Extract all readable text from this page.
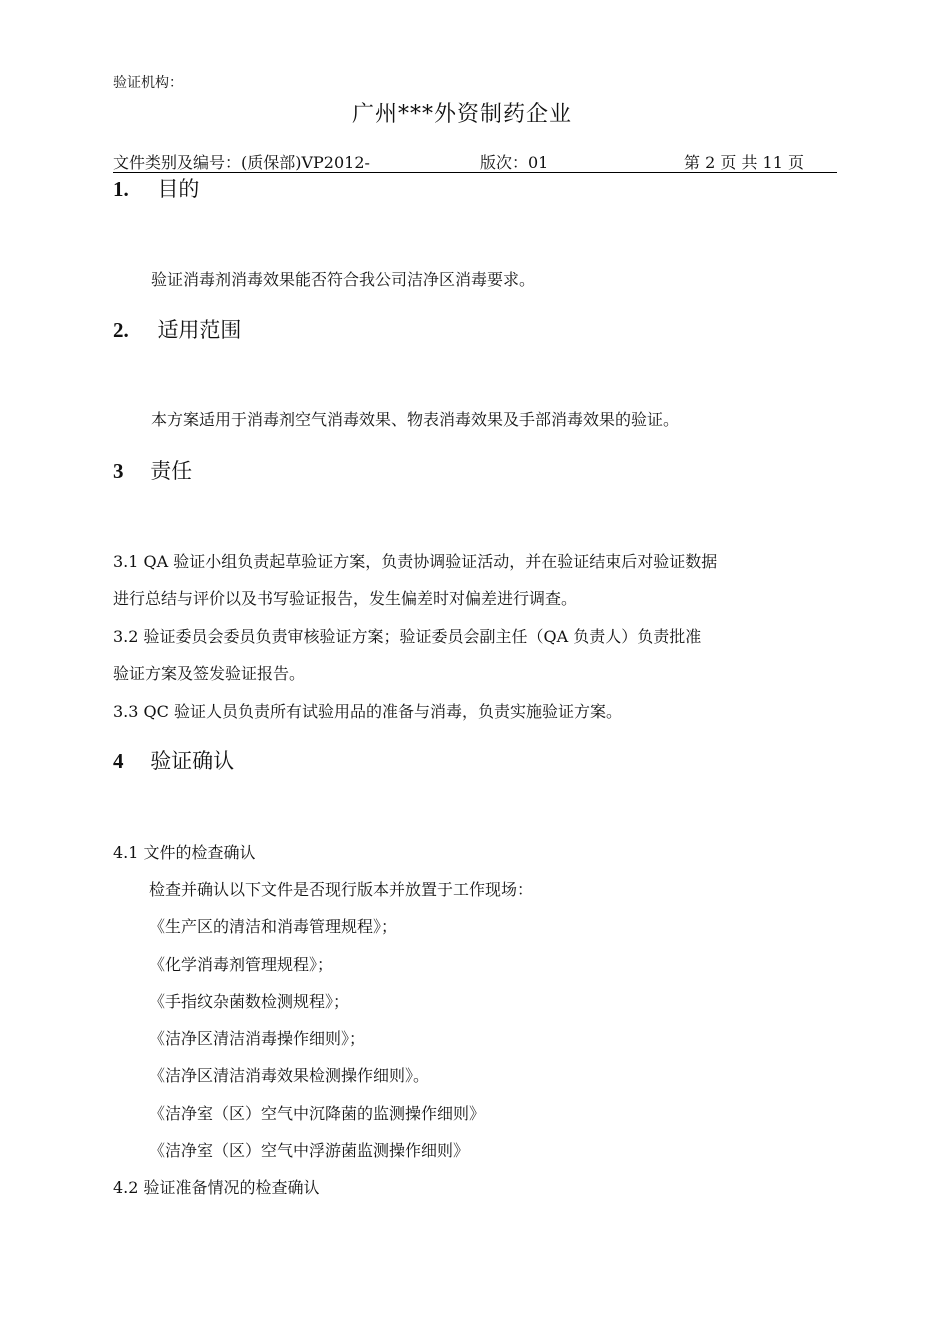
验证机构：
广州***外资制药企业
文件类别及编号：(质保部)VP2012-	版次：01	第 2 页 共 11 页
1. 目的
验证消毒剂消毒效果能否符合我公司洁净区消毒要求。
2. 适用范围
本方案适用于消毒剂空气消毒效果、物表消毒效果及手部消毒效果的验证。
3 责任
3.1 QA 验证小组负责起草验证方案，负责协调验证活动，并在验证结束后对验证数据
进行总结与评价以及书写验证报告，发生偏差时对偏差进行调查。
3.2 验证委员会委员负责审核验证方案；验证委员会副主任（QA 负责人）负责批准
验证方案及签发验证报告。
3.3 QC 验证人员负责所有试验用品的准备与消毒，负责实施验证方案。
4 验证确认
4.1 文件的检查确认
检查并确认以下文件是否现行版本并放置于工作现场：
《生产区的清洁和消毒管理规程》；
《化学消毒剂管理规程》；
《手指纹杂菌数检测规程》；
《洁净区清洁消毒操作细则》；
《洁净区清洁消毒效果检测操作细则》。
《洁净室（区）空气中沉降菌的监测操作细则》
《洁净室（区）空气中浮游菌监测操作细则》
4.2 验证准备情况的检查确认
